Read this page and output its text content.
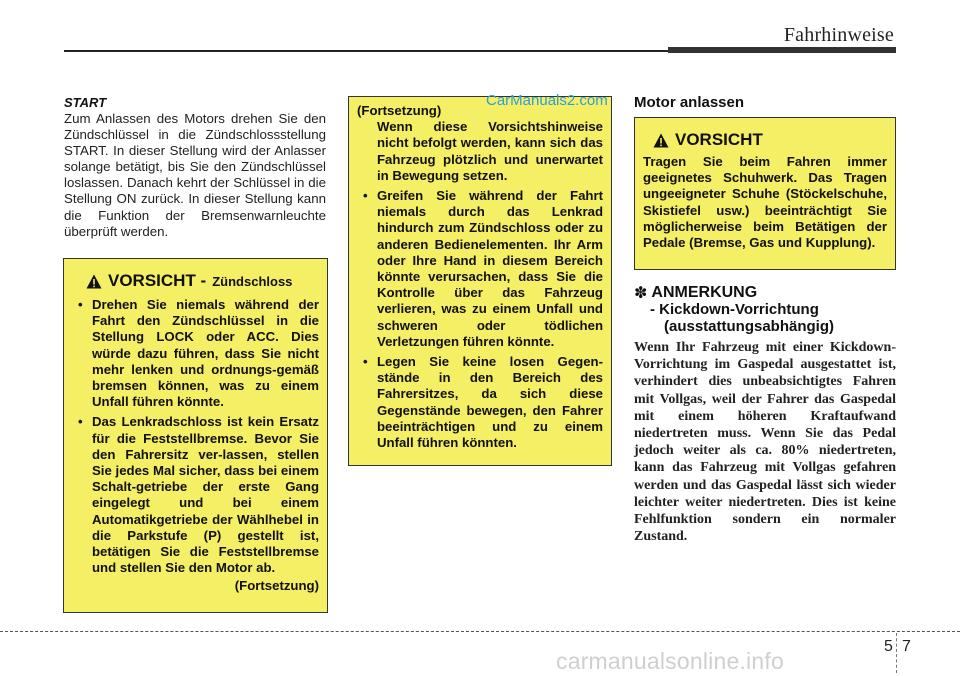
Fahrhinweise
START
Zum Anlassen des Motors drehen Sie den Zündschlüssel in die Zündschlossstellung START. In dieser Stellung wird der Anlasser solange betätigt, bis Sie den Zündschlüssel loslassen. Danach kehrt der Schlüssel in die Stellung ON zurück. In dieser Stellung kann die Funktion der Bremsenwarnleuchte überprüft werden.
VORSICHT - Zündschloss
• Drehen Sie niemals während der Fahrt den Zündschlüssel in die Stellung LOCK oder ACC. Dies würde dazu führen, dass Sie nicht mehr lenken und ordnungs-gemäß bremsen können, was zu einem Unfall führen könnte.
• Das Lenkradschloss ist kein Ersatz für die Feststellbremse. Bevor Sie den Fahrersitz ver-lassen, stellen Sie jedes Mal sicher, dass bei einem Schalt-getriebe der erste Gang eingelegt und bei einem Automatikgetriebe der Wählhebel in die Parkstufe (P) gestellt ist, betätigen Sie die Feststellbremse und stellen Sie den Motor ab.
(Fortsetzung)
(Fortsetzung)
Wenn diese Vorsichtshinweise nicht befolgt werden, kann sich das Fahrzeug plötzlich und unerwartet in Bewegung setzen.
• Greifen Sie während der Fahrt niemals durch das Lenkrad hindurch zum Zündschloss oder zu anderen Bedienelementen. Ihr Arm oder Ihre Hand in diesem Bereich könnte verursachen, dass Sie die Kontrolle über das Fahrzeug verlieren, was zu einem Unfall und schweren oder tödlichen Verletzungen führen könnte.
• Legen Sie keine losen Gegen-stände in den Bereich des Fahrersitzes, da sich diese Gegenstände bewegen, den Fahrer beeinträchtigen und zu einem Unfall führen könnten.
CarManuals2.com Motor anlassen
VORSICHT
Tragen Sie beim Fahren immer geeignetes Schuhwerk. Das Tragen ungeeigneter Schuhe (Stöckelschuhe, Skistiefel usw.) beeinträchtigt Sie möglicherweise beim Betätigen der Pedale (Bremse, Gas und Kupplung).
✽ ANMERKUNG
- Kickdown-Vorrichtung
(ausstattungsabhängig)
Wenn Ihr Fahrzeug mit einer Kickdown-Vorrichtung im Gaspedal ausgestattet ist, verhindert dies unbeabsichtigtes Fahren mit Vollgas, weil der Fahrer das Gaspedal mit einem höheren Kraftaufwand niedertreten muss. Wenn Sie das Pedal jedoch weiter als ca. 80% niedertreten, kann das Fahrzeug mit Vollgas gefahren werden und das Gaspedal lässt sich wieder leichter weiter niedertreten. Dies ist keine Fehlfunktion sondern ein normaler Zustand.
5 7
carmanualsonline.info
